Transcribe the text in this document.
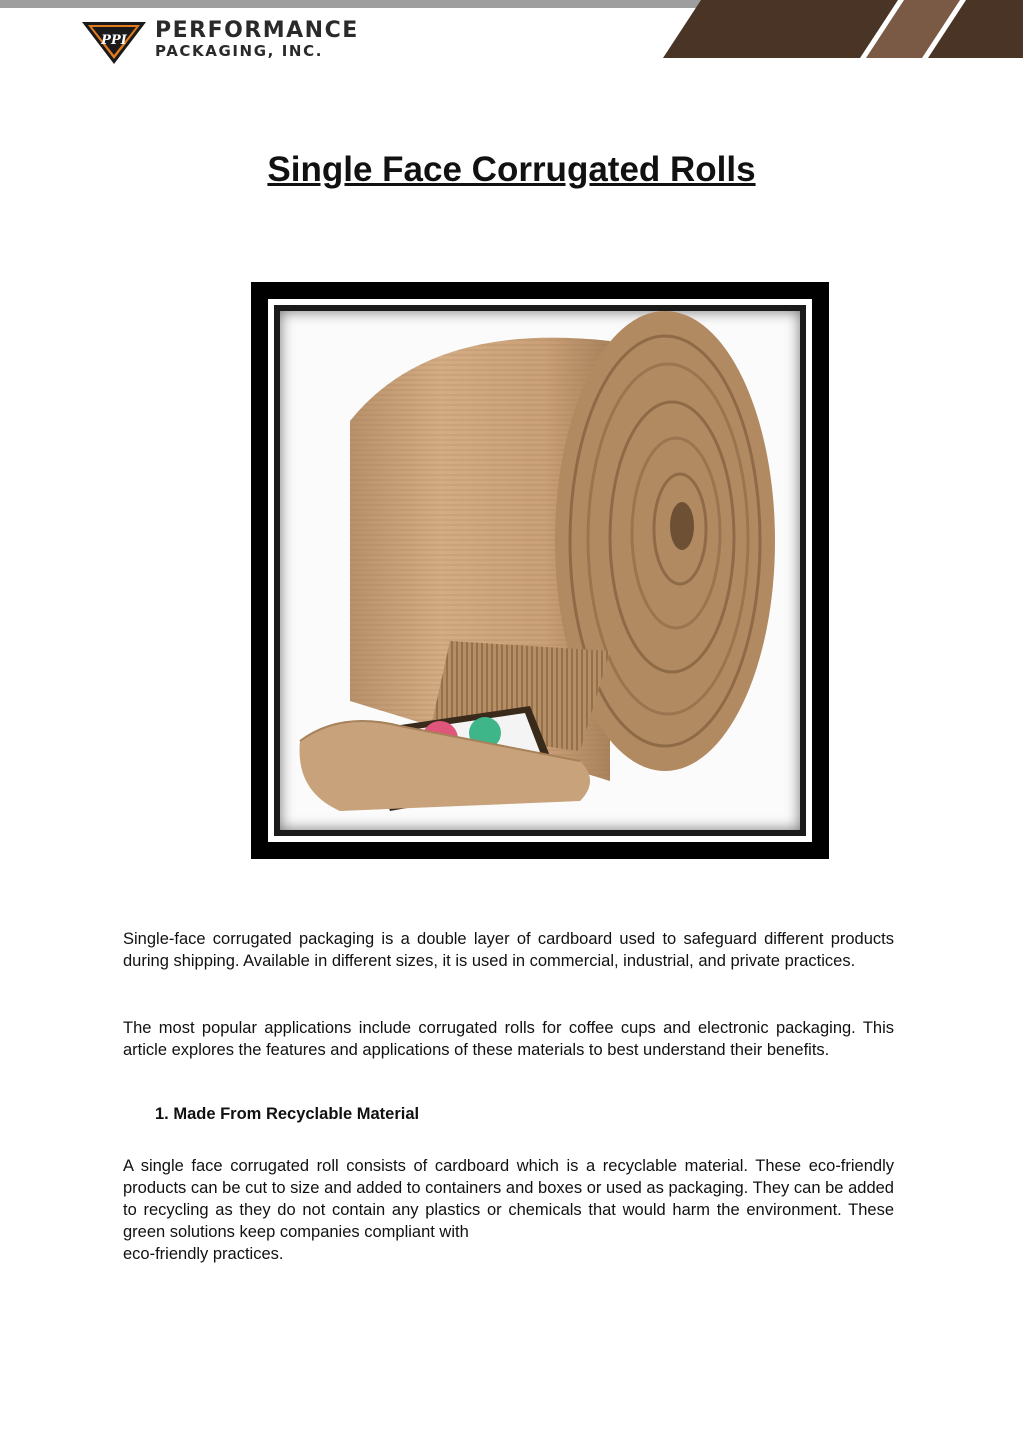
PPI PERFORMANCE
PACKAGING, INC.
Single Face Corrugated Rolls

Single-face corrugated packaging is a double layer of cardboard used to safeguard different products during shipping. Available in different sizes, it is used in commercial, industrial, and private practices.

The most popular applications include corrugated rolls for coffee cups and electronic packaging. This article explores the features and applications of these materials to best understand their benefits.

1. Made From Recyclable Material

A single face corrugated roll consists of cardboard which is a recyclable material. These eco-friendly products can be cut to size and added to containers and boxes or used as packaging. They can be added to recycling as they do not contain any plastics or chemicals that would harm the environment. These green solutions keep companies compliant with

eco-friendly practices.
